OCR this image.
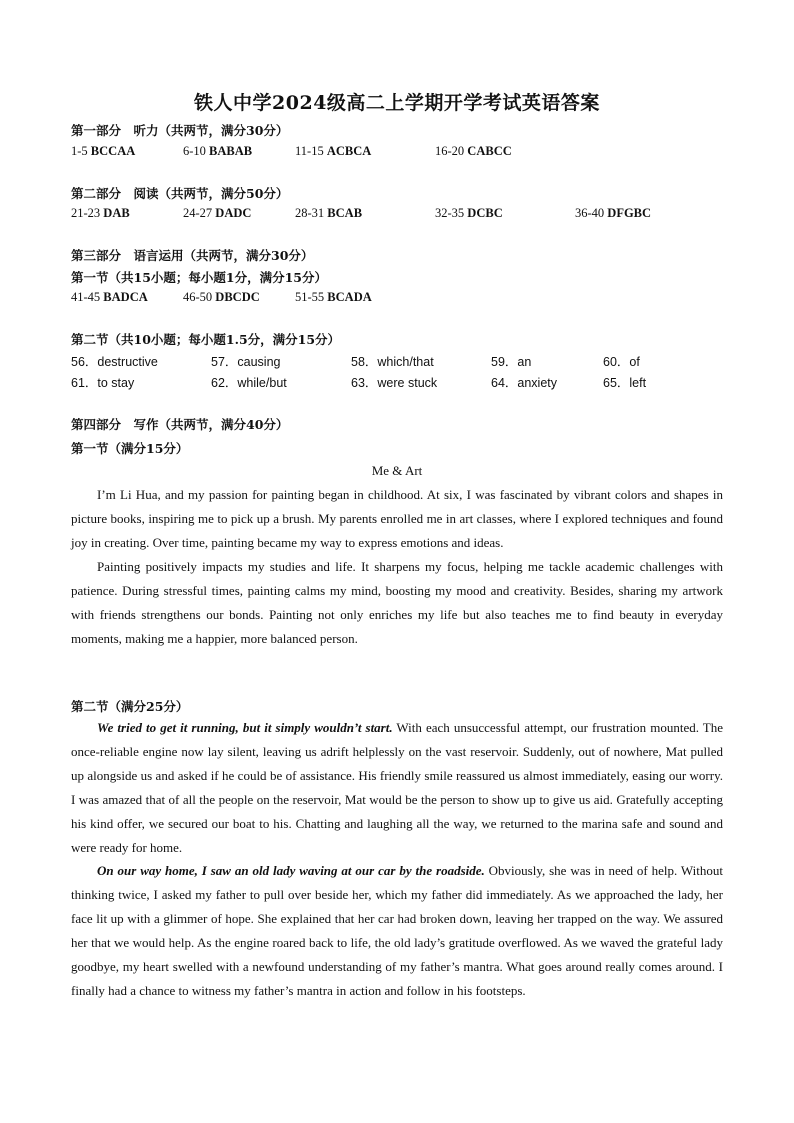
铁人中学2024级高二上学期开学考试英语答案
第一部分　听力（共两节，满分30分）
1-5 BCCAA	6-10 BABAB	11-15 ACBCA	16-20 CABCC
第二部分　阅读（共两节，满分50分）
21-23 DAB	24-27 DADC	28-31 BCAB	32-35 DCBC	36-40 DFGBC
第三部分　语言运用（共两节，满分30分）
第一节（共15小题；每小题1分，满分15分）
41-45 BADCA	46-50 DBCDC	51-55 BCADA
第二节（共10小题；每小题1.5分，满分15分）
56．destructive	57．causing	58．which/that	59．an	60．of
61．to stay	62．while/but	63．were stuck	64．anxiety	65．left
第四部分　写作（共两节，满分40分）
第一节（满分15分）
Me & Art

I’m Li Hua, and my passion for painting began in childhood. At six, I was fascinated by vibrant colors and shapes in picture books, inspiring me to pick up a brush. My parents enrolled me in art classes, where I explored techniques and found joy in creating. Over time, painting became my way to express emotions and ideas.

Painting positively impacts my studies and life. It sharpens my focus, helping me tackle academic challenges with patience. During stressful times, painting calms my mind, boosting my mood and creativity. Besides, sharing my artwork with friends strengthens our bonds. Painting not only enriches my life but also teaches me to find beauty in everyday moments, making me a happier, more balanced person.

第二节（满分25分）

We tried to get it running, but it simply wouldn’t start. With each unsuccessful attempt, our frustration mounted. The once-reliable engine now lay silent, leaving us adrift helplessly on the vast reservoir. Suddenly, out of nowhere, Mat pulled up alongside us and asked if he could be of assistance. His friendly smile reassured us almost immediately, easing our worry. I was amazed that of all the people on the reservoir, Mat would be the person to show up to give us aid. Gratefully accepting his kind offer, we secured our boat to his. Chatting and laughing all the way, we returned to the marina safe and sound and were ready for home.

On our way home, I saw an old lady waving at our car by the roadside. Obviously, she was in need of help. Without thinking twice, I asked my father to pull over beside her, which my father did immediately. As we approached the lady, her face lit up with a glimmer of hope. She explained that her car had broken down, leaving her trapped on the way. We assured her that we would help. As the engine roared back to life, the old lady’s gratitude overflowed. As we waved the grateful lady goodbye, my heart swelled with a newfound understanding of my father’s mantra. What goes around really comes around. I finally had a chance to witness my father’s mantra in action and follow in his footsteps.
